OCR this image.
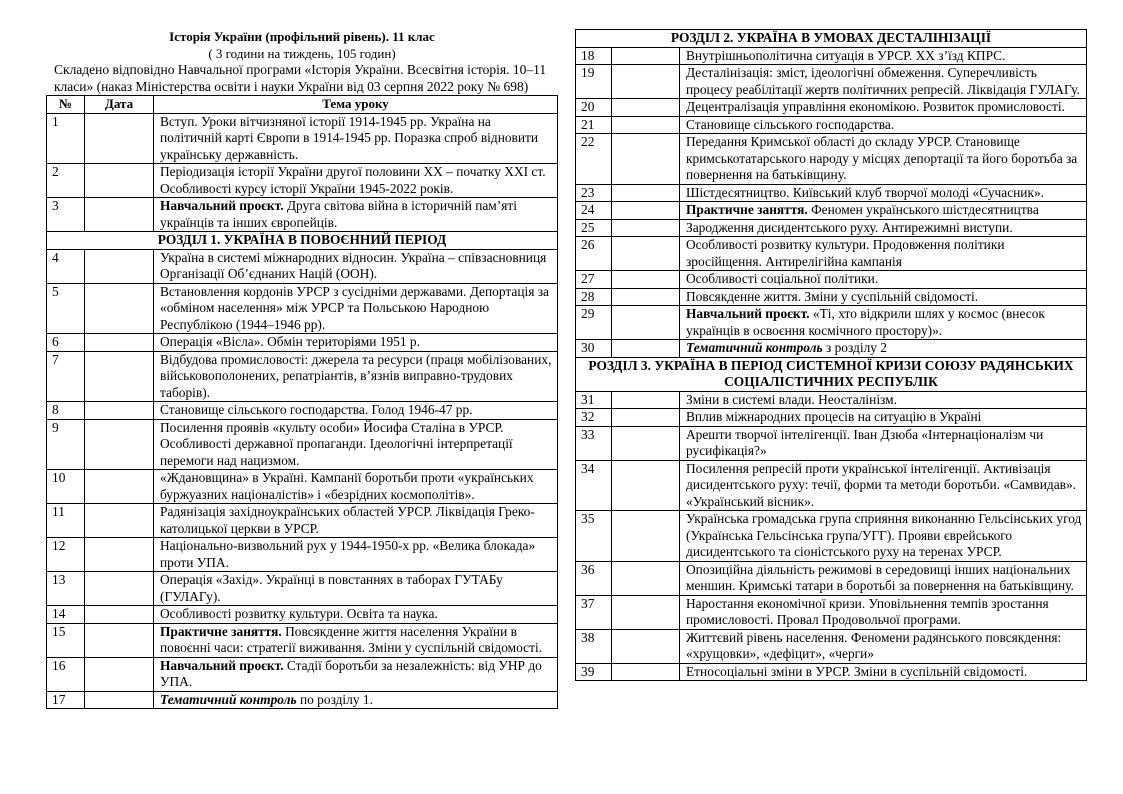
Історія України (профільний рівень). 11 клас
( 3 години на тиждень, 105 годин)
Складено відповідно Навчальної програми «Історія України. Всесвітня історія. 10–11 класи» (наказ Міністерства освіти і науки України від 03 серпня 2022 року № 698)
№	Дата	Тема уроку
1		Вступ. Уроки вітчизняної історії 1914-1945 рр. Україна на політичній карті Європи в 1914-1945 рр. Поразка спроб відновити українську державність.
2		Періодизація історії України другої половини ХХ – початку ХХІ ст. Особливості курсу історії України 1945-2022 років.
3		Навчальний проєкт. Друга світова війна в історичній пам’яті українців та інших європейців.
РОЗДІЛ 1. УКРАЇНА В ПОВОЄННИЙ ПЕРІОД		
4		Україна в системі міжнародних відносин. Україна – співзасновниця Організації Об’єднаних Націй (ООН).
5		Встановлення кордонів УРСР з сусідніми державами. Депортація за «обміном населення» між УРСР та Польською Народною Республікою (1944–1946 рр).
6		Операція «Вісла». Обмін територіями 1951 р.
7		Відбудова промисловості: джерела та ресурси (праця мобілізованих, військовополонених, репатріантів, в’язнів виправно-трудових таборів).
8		Становище сільського господарства. Голод 1946-47 рр.
9		Посилення проявів «культу особи» Йосифа Сталіна в УРСР. Особливості державної пропаганди. Ідеологічні інтерпретації перемоги над нацизмом.
10		«Ждановщина» в Україні. Кампанії боротьби проти «українських буржуазних націоналістів» і «безрідних космополітів».
11		Радянізація західноукраїнських областей УРСР. Ліквідація Греко-католицької церкви в УРСР.
12		Національно-визвольний рух у 1944-1950-х рр. «Велика блокада» проти УПА.
13		Операція «Захід». Українці в повстаннях в таборах ГУТАБу (ГУЛАГу).
14		Особливості розвитку культури. Освіта та наука.
15		Практичне заняття. Повсякденне життя населення України в повоєнні часи: стратегії виживання. Зміни у суспільній свідомості.
16		Навчальний проєкт. Стадії боротьби за незалежність: від УНР до УПА.
17		Тематичний контроль по розділу 1.
РОЗДІЛ 2. УКРАЇНА В УМОВАХ ДЕСТАЛІНІЗАЦІЇ		
18		Внутрішньополітична ситуація в УРСР. ХХ з’їзд КПРС.
19		Десталінізація: зміст, ідеологічні обмеження. Суперечливість процесу реабілітації жертв політичних репресій. Ліквідація ГУЛАГу.
20		Децентралізація управління економікою. Розвиток промисловості.
21		Становище сільського господарства.
22		Передання Кримської області до складу УРСР. Становище кримськотатарського народу у місцях депортації та його боротьба за повернення на батьківщину.
23		Шістдесятництво. Київський клуб творчої молоді «Сучасник».
24		Практичне заняття. Феномен українського шістдесятництва
25		Зародження дисидентського руху. Антирежимні виступи.
26		Особливості розвитку культури. Продовження політики зросійщення. Антирелігійна кампанія
27		Особливості соціальної політики.
28		Повсякденне життя. Зміни у суспільній свідомості.
29		Навчальний проєкт. «Ті, хто відкрили шлях у космос (внесок українців в освоєння космічного простору)».
30		Тематичний контроль з розділу 2
РОЗДІЛ 3. УКРАЇНА В ПЕРІОД СИСТЕМНОЇ КРИЗИ СОЮЗУ РАДЯНСЬКИХ СОЦІАЛІСТИЧНИХ РЕСПУБЛІК		
31		Зміни в системі влади. Неосталінізм.
32		Вплив міжнародних процесів на ситуацію в Україні
33		Арешти творчої інтелігенції. Іван Дзюба «Інтернаціоналізм чи русифікація?»
34		Посилення репресій проти української інтелігенції. Активізація дисидентського руху: течії, форми та методи боротьби. «Самвидав». «Український вісник».
35		Українська громадська група сприяння виконанню Гельсінських угод (Українська Гельсінська група/УГГ). Прояви єврейського дисидентського та сіоністського руху на теренах УРСР.
36		Опозиційна діяльність режимові в середовищі інших національних меншин. Кримські татари в боротьбі за повернення на батьківщину.
37		Наростання економічної кризи. Уповільнення темпів зростання промисловості. Провал Продовольчої програми.
38		Життєвий рівень населення. Феномени радянського повсякдення: «хрущовки», «дефіцит», «черги»
39		Етносоціальні зміни в УРСР. Зміни в суспільній свідомості.
